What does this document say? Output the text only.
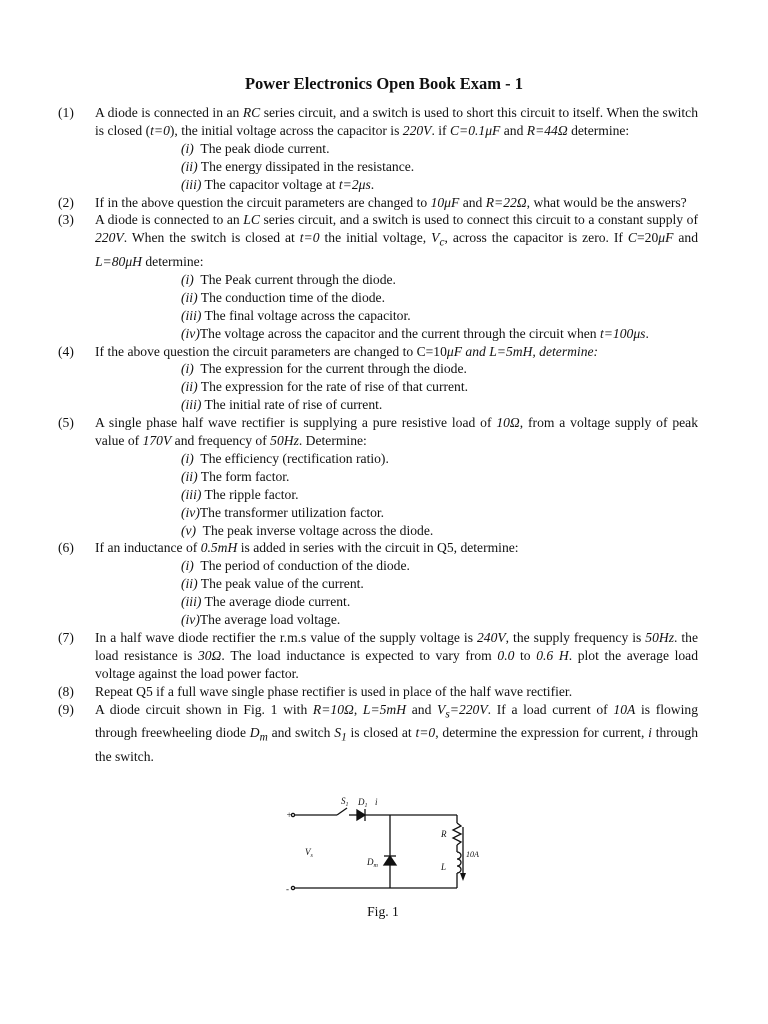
Power Electronics Open Book Exam - 1
(1) A diode is connected in an RC series circuit, and a switch is used to short this circuit to itself. When the switch is closed (t=0), the initial voltage across the capacitor is 220V. if C=0.1μF and R=44Ω determine:
(i)  The peak diode current.
(ii) The energy dissipated in the resistance.
(iii) The capacitor voltage at t=2μs.
(2) If in the above question the circuit parameters are changed to 10μF and R=22Ω, what would be the answers?
(3) A diode is connected to an LC series circuit, and a switch is used to connect this circuit to a constant supply of 220V. When the switch is closed at t=0 the initial voltage, $V_c$, across the capacitor is zero. If C=20μF and L=80μH determine:
(i)  The Peak current through the diode.
(ii) The conduction time of the diode.
(iii) The final voltage across the capacitor.
(iv)The voltage across the capacitor and the current through the circuit when t=100μs.
(4) If the above question the circuit parameters are changed to C=10μF and L=5mH, determine:
(i)  The expression for the current through the diode.
(ii) The expression for the rate of rise of that current.
(iii) The initial rate of rise of current.
(5) A single phase half wave rectifier is supplying a pure resistive load of 10Ω, from a voltage supply of peak value of 170V and frequency of 50Hz. Determine:
(i)  The efficiency (rectification ratio).
(ii) The form factor.
(iii) The ripple factor.
(iv)The transformer utilization factor.
(v)  The peak inverse voltage across the diode.
(6) If an inductance of 0.5mH is added in series with the circuit in Q5, determine:
(i)  The period of conduction of the diode.
(ii) The peak value of the current.
(iii) The average diode current.
(iv)The average load voltage.
(7) In a half wave diode rectifier the r.m.s value of the supply voltage is 240V, the supply frequency is 50Hz. the load resistance is 30Ω. The load inductance is expected to vary from 0.0 to 0.6 H. plot the average load voltage against the load power factor.
(8) Repeat Q5 if a full wave single phase rectifier is used in place of the half wave rectifier.
(9) A diode circuit shown in Fig. 1 with R=10Ω, L=5mH and $V_s=220V$. If a load current of 10A is flowing through freewheeling diode $D_m$ and switch $S_1$ is closed at t=0, determine the expression for current, i through the switch.
+
-
$V_s$
$S_1$ $D_1$ i
$D_m$
R
L
10A
Fig. 1
